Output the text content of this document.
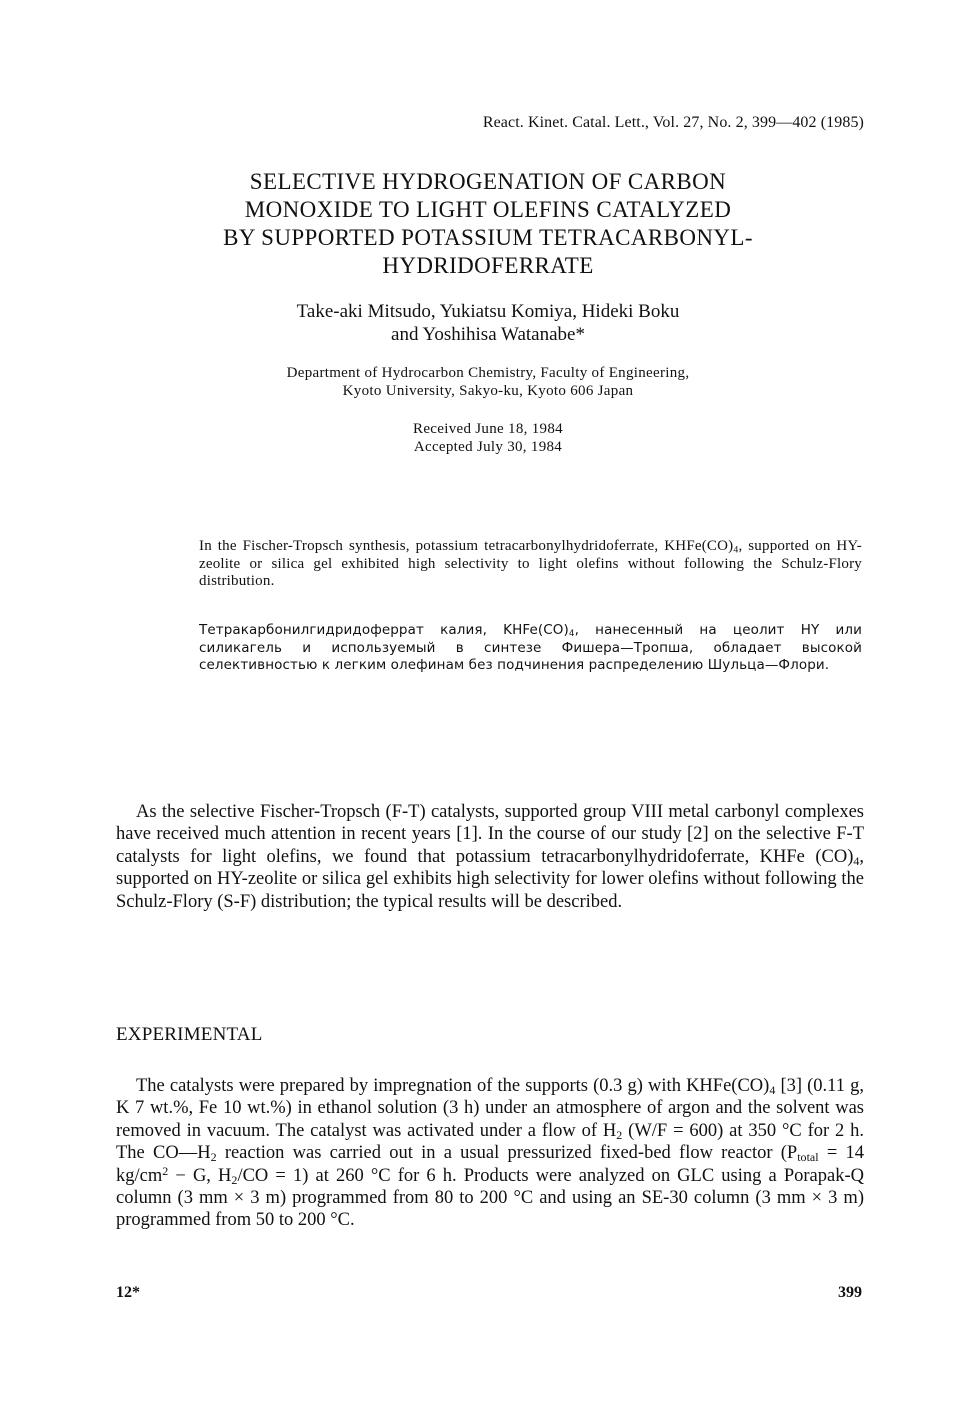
React. Kinet. Catal. Lett., Vol. 27, No. 2, 399—402 (1985)
SELECTIVE HYDROGENATION OF CARBON
MONOXIDE TO LIGHT OLEFINS CATALYZED
BY SUPPORTED POTASSIUM TETRACARBONYL-
HYDRIDOFERRATE
Take-aki Mitsudo, Yukiatsu Komiya, Hideki Boku
and Yoshihisa Watanabe*
Department of Hydrocarbon Chemistry, Faculty of Engineering,
Kyoto University, Sakyo-ku, Kyoto 606 Japan
Received June 18, 1984
Accepted July 30, 1984
In the Fischer-Tropsch synthesis, potassium tetracarbonylhydridoferrate, $KHFe(CO)_4$, supported on HY-zeolite or silica gel exhibited high selectivity to light olefins without following the Schulz-Flory distribution.
Тетракарбонилгидридоферрат калия, $KHFe(CO)_4$, нанесенный на цеолит HY или силикагель и используемый в синтезе Фишера—Тропша, обладает высокой селективностью к легким олефинам без подчинения распределению Шульца—Флори.
As the selective Fischer-Tropsch (F-T) catalysts, supported group VIII metal carbonyl complexes have received much attention in recent years [1]. In the course of our study [2] on the selective F-T catalysts for light olefins, we found that potassium tetracarbonylhydridoferrate, KHFe $(CO)_4$, supported on HY-zeolite or silica gel exhibits high selectivity for lower olefins without following the Schulz-Flory (S-F) distribution; the typical results will be described.
EXPERIMENTAL
The catalysts were prepared by impregnation of the supports (0.3 g) with $KHFe(CO)_4$ [3] (0.11 g, K 7 wt.%, Fe 10 wt.%) in ethanol solution (3 h) under an atmosphere of argon and the solvent was removed in vacuum. The catalyst was activated under a flow of $H_2$ (W/F = 600) at 350 °C for 2 h. The $CO—H_2$ reaction was carried out in a usual pressurized fixed-bed flow reactor ($P_{total} = 14$ $kg/cm^2 - G$, $H_2/CO = 1$) at 260 °C for 6 h. Products were analyzed on GLC using a Porapak-Q column (3 mm × 3 m) programmed from 80 to 200 °C and using an SE-30 column (3 mm × 3 m) programmed from 50 to 200 °C.
12*	399
